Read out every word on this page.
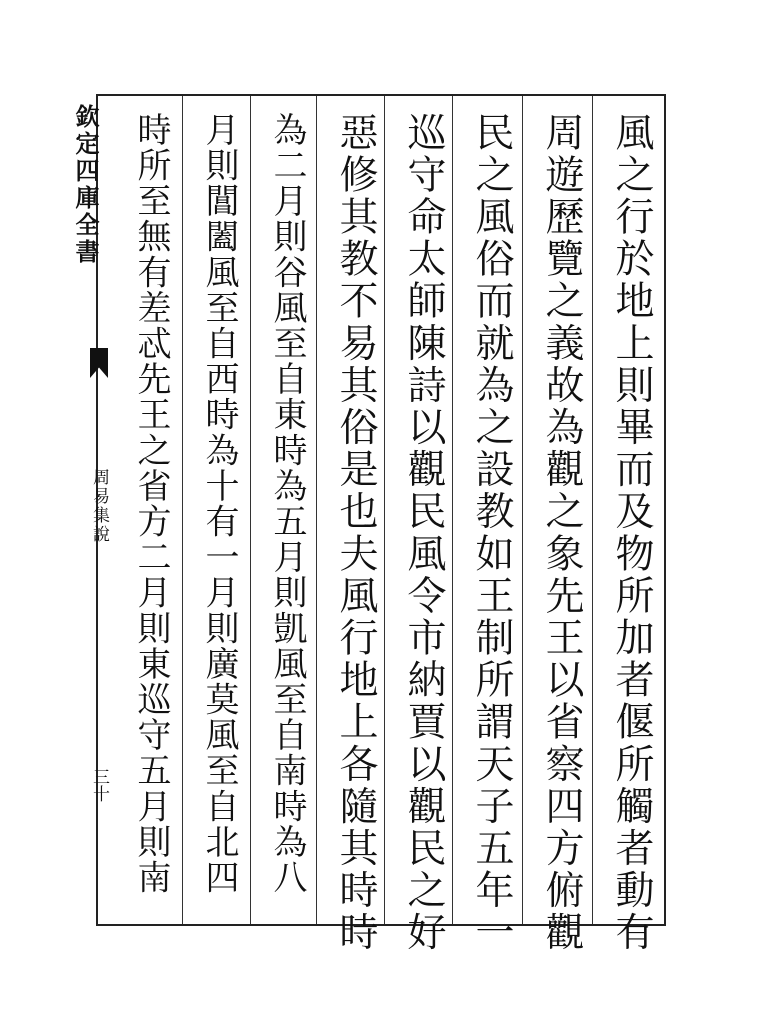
欽定四庫全書
周易集說
三十	風之行於地上則畢而及物所加者偃所觸者動有
周遊歷覽之義故為觀之象先王以省察四方俯觀
民之風俗而就為之設教如王制所謂天子五年一
巡守命太師陳詩以觀民風令市納賈以觀民之好
惡修其教不易其俗是也夫風行地上各隨其時時
為二月則谷風至自東時為五月則凱風至自南時為八
月則閶闔風至自西時為十有一月則廣莫風至自北四
時所至無有差忒先王之省方二月則東巡守五月則南
